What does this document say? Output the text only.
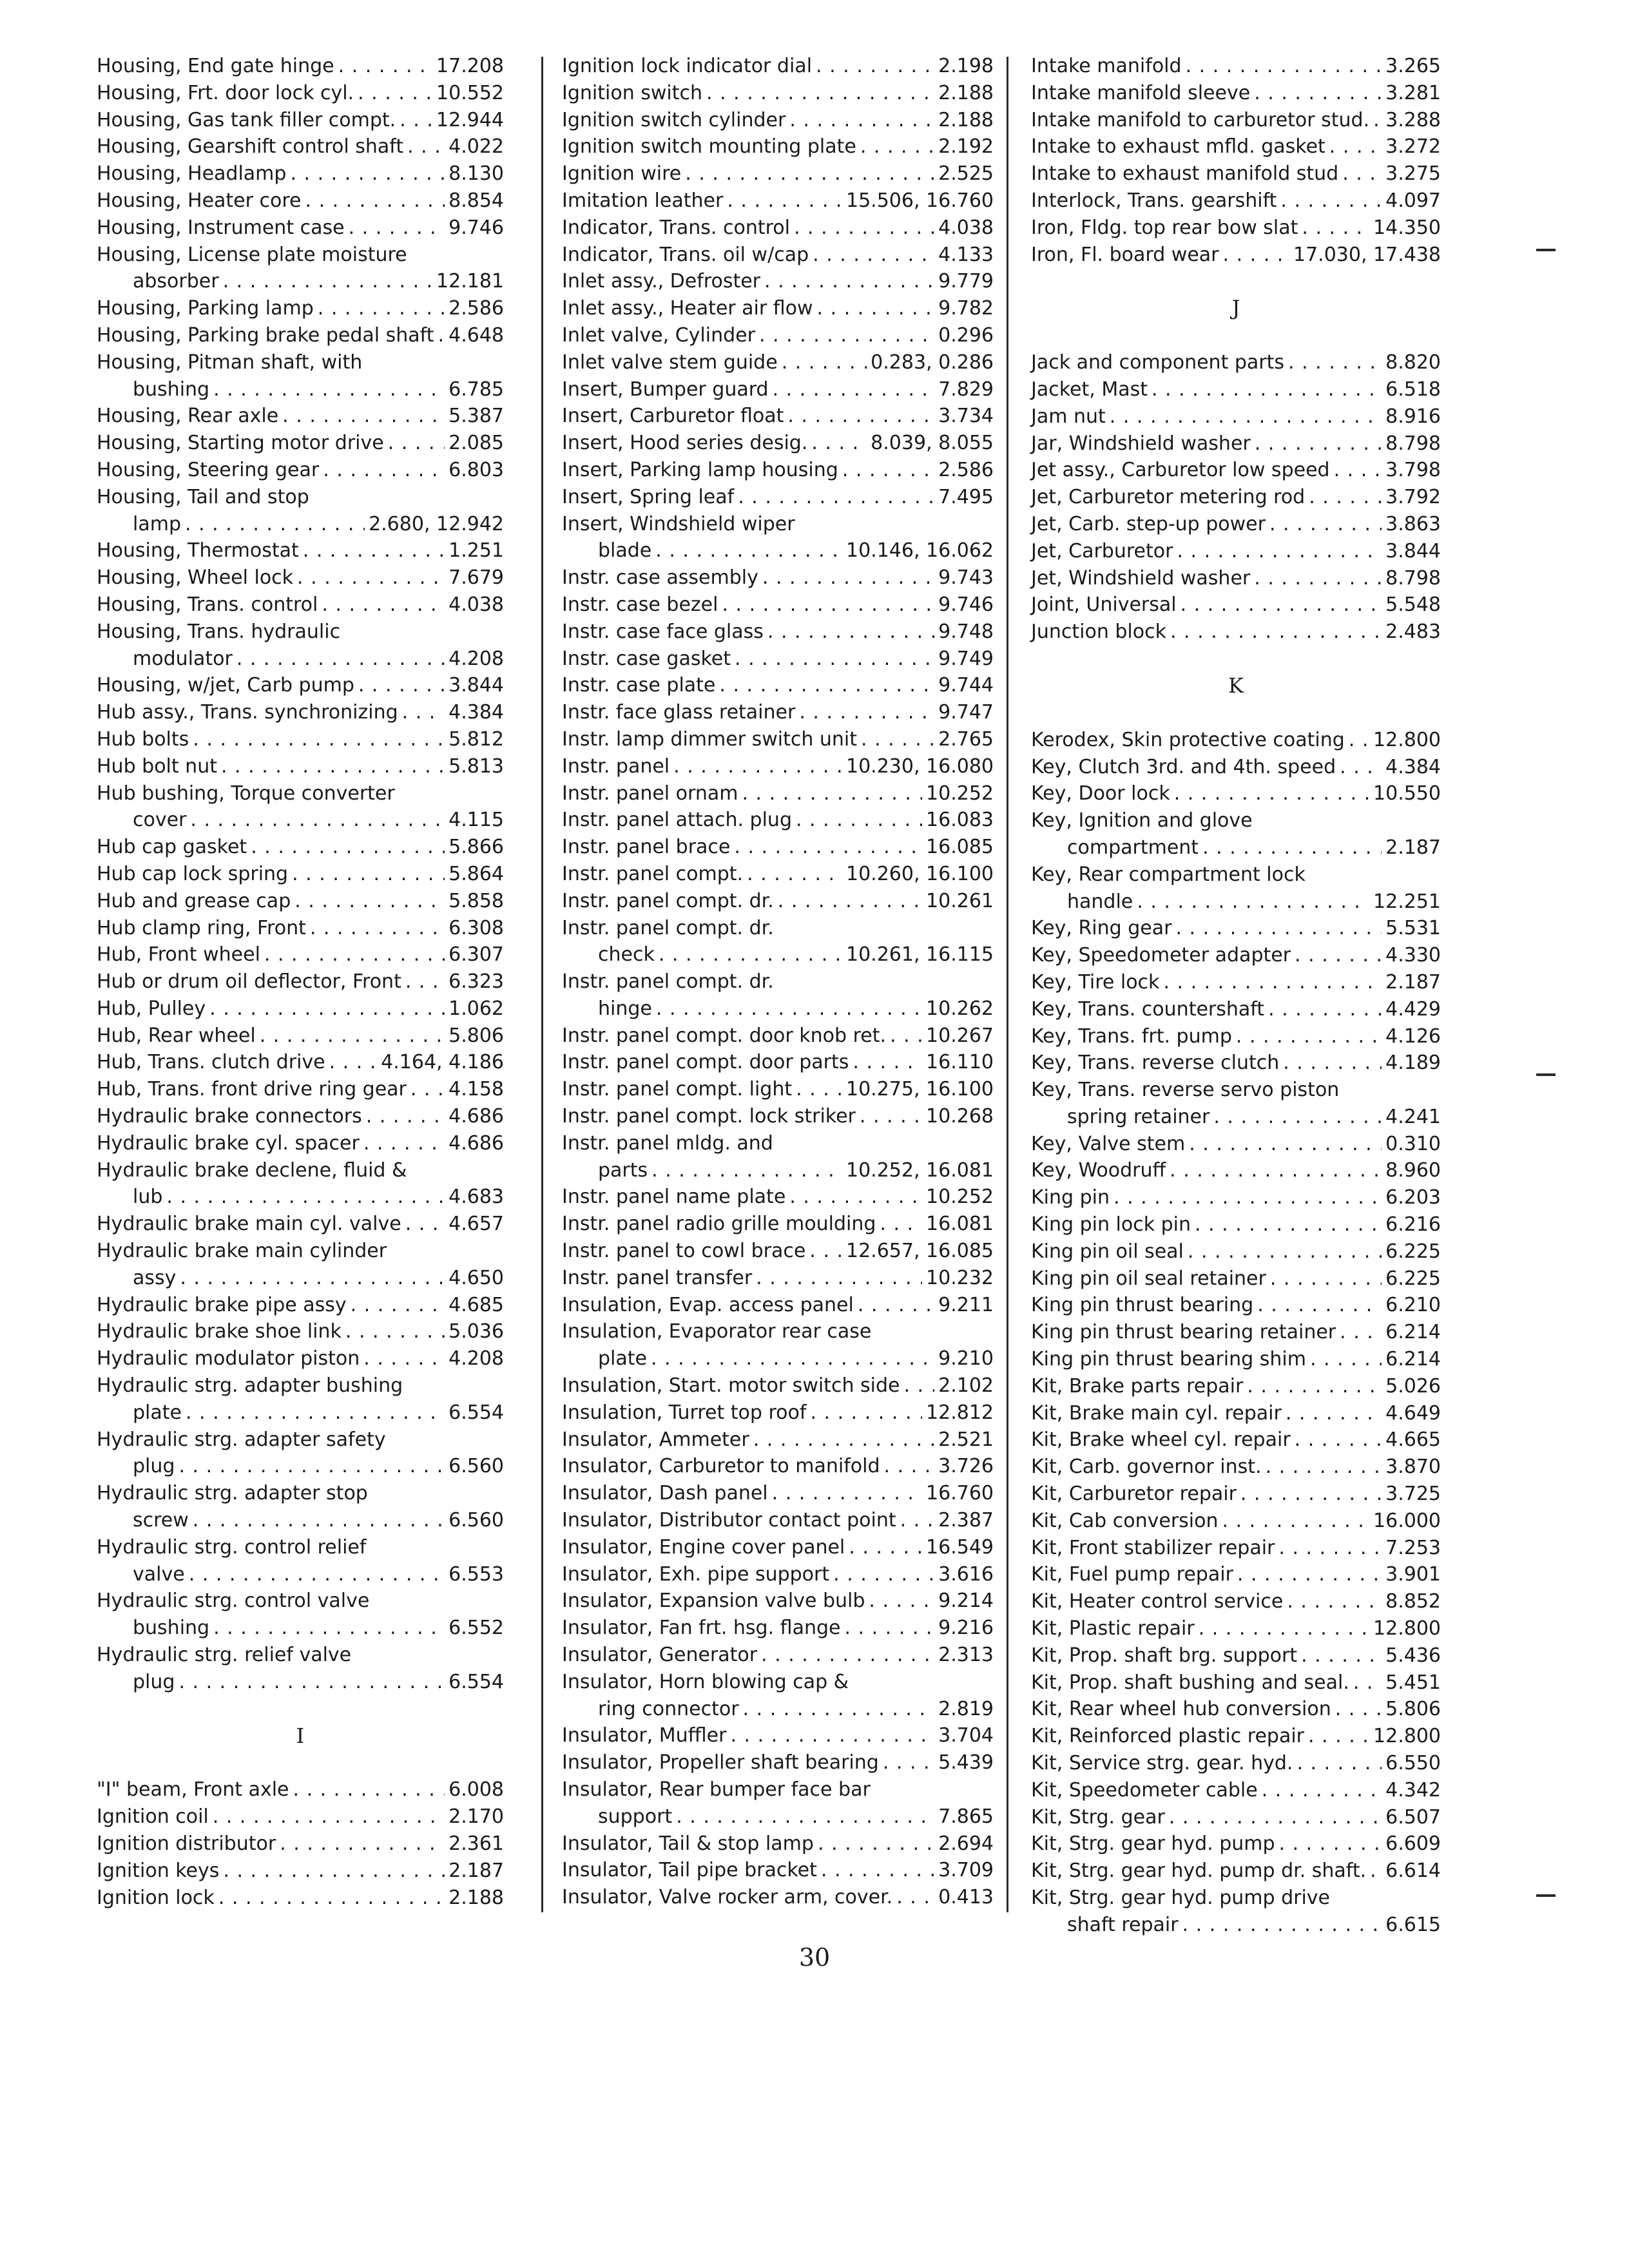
Housing, End gate hinge . . .	17.208
Housing, Frt. door lock cyl. . . .	10.552
Housing, Gas tank filler compt. . . . 12.944
Housing, Gearshift control shaft . . . 4.022
Housing, Headlamp . . .	8.130
Housing, Heater core . . .	8.854
Housing, Instrument case . . .	9.746
Housing, License plate moisture
absorber . . .	12.181
Housing, Parking lamp . . .	2.586
Housing, Parking brake pedal shaft . . . 4.648
Housing, Pitman shaft, with
bushing . . .	6.785
Housing, Rear axle . . .	5.387
Housing, Starting motor drive . . .	2.085
Housing, Steering gear . . .	6.803
Housing, Tail and stop
lamp . . .	2.680, 12.942
Housing, Thermostat . . .	1.251
Housing, Wheel lock . . .	7.679
Housing, Trans. control . . .	4.038
Housing, Trans. hydraulic
modulator . . .	4.208
Housing, w/jet, Carb pump . . .	3.844
Hub assy., Trans. synchronizing . . .	4.384
Hub bolts . . .	5.812
Hub bolt nut . . .	5.813
Hub bushing, Torque converter
cover . . .	4.115
Hub cap gasket . . .	5.866
Hub cap lock spring . . .	5.864
Hub and grease cap . . .	5.858
Hub clamp ring, Front . . .	6.308
Hub, Front wheel . . .	6.307
Hub or drum oil deflector, Front . . . 6.323
Hub, Pulley . . .	1.062
Hub, Rear wheel . . .	5.806
Hub, Trans. clutch drive . . .	4.164, 4.186
Hub, Trans. front drive ring gear . . . 4.158
Hydraulic brake connectors . . .	4.686
Hydraulic brake cyl. spacer . . .	4.686
Hydraulic brake declene, fluid &
lub . . .	4.683
Hydraulic brake main cyl. valve . . . 4.657
Hydraulic brake main cylinder
assy . . .	4.650
Hydraulic brake pipe assy . . .	4.685
Hydraulic brake shoe link . . .	5.036
Hydraulic modulator piston . . .	4.208
Hydraulic strg. adapter bushing
plate . . .	6.554
Hydraulic strg. adapter safety
plug . . .	6.560
Hydraulic strg. adapter stop
screw . . .	6.560
Hydraulic strg. control relief
valve . . .	6.553
Hydraulic strg. control valve
bushing . . .	6.552
Hydraulic strg. relief valve
plug . . .	6.554
I
"I" beam, Front axle . . .	6.008
Ignition coil . . .	2.170
Ignition distributor . . .	2.361
Ignition keys . . .	2.187
Ignition lock . . .	2.188
Ignition lock indicator dial . . .	2.198
Ignition switch . . .	2.188
Ignition switch cylinder . . .	2.188
Ignition switch mounting plate . . .	2.192
Ignition wire . . .	2.525
Imitation leather . . .	15.506, 16.760
Indicator, Trans. control . . .	4.038
Indicator, Trans. oil w/cap . . .	4.133
Inlet assy., Defroster . . .	9.779
Inlet assy., Heater air flow . . .	9.782
Inlet valve, Cylinder . . .	0.296
Inlet valve stem guide . . .	0.283, 0.286
Insert, Bumper guard . . .	7.829
Insert, Carburetor float . . .	3.734
Insert, Hood series desig. . . .	8.039, 8.055
Insert, Parking lamp housing . . .	2.586
Insert, Spring leaf . . .	7.495
Insert, Windshield wiper
blade . . .	10.146, 16.062
Instr. case assembly . . .	9.743
Instr. case bezel . . .	9.746
Instr. case face glass . . .	9.748
Instr. case gasket . . .	9.749
Instr. case plate . . .	9.744
Instr. face glass retainer . . .	9.747
Instr. lamp dimmer switch unit . . .	2.765
Instr. panel . . .	10.230, 16.080
Instr. panel ornam . . .	10.252
Instr. panel attach. plug . . .	16.083
Instr. panel brace . . .	16.085
Instr. panel compt. . . .	10.260, 16.100
Instr. panel compt. dr. . . .	10.261
Instr. panel compt. dr.
check . . .	10.261, 16.115
Instr. panel compt. dr.
hinge . . .	10.262
Instr. panel compt. door knob ret. . . . 10.267
Instr. panel compt. door parts . . .	16.110
Instr. panel compt. light . . .	10.275, 16.100
Instr. panel compt. lock striker . . .	10.268
Instr. panel mldg. and
parts . . .	10.252, 16.081
Instr. panel name plate . . .	10.252
Instr. panel radio grille moulding . . .	16.081
Instr. panel to cowl brace . . . 12.657, 16.085
Instr. panel transfer . . .	10.232
Insulation, Evap. access panel . . .	9.211
Insulation, Evaporator rear case
plate . . .	9.210
Insulation, Start. motor switch side . . . 2.102
Insulation, Turret top roof . . .	12.812
Insulator, Ammeter . . .	2.521
Insulator, Carburetor to manifold . . .	3.726
Insulator, Dash panel . . .	16.760
Insulator, Distributor contact point . . . 2.387
Insulator, Engine cover panel . . .	16.549
Insulator, Exh. pipe support . . .	3.616
Insulator, Expansion valve bulb . . .	9.214
Insulator, Fan frt. hsg. flange . . .	9.216
Insulator, Generator . . .	2.313
Insulator, Horn blowing cap &
ring connector . . .	2.819
Insulator, Muffler . . .	3.704
Insulator, Propeller shaft bearing . . .	5.439
Insulator, Rear bumper face bar
support . . .	7.865
Insulator, Tail & stop lamp . . .	2.694
Insulator, Tail pipe bracket . . .	3.709
Insulator, Valve rocker arm, cover. . . . 0.413
Intake manifold . . .	3.265
Intake manifold sleeve . . .	3.281
Intake manifold to carburetor stud. . . . 3.288
Intake to exhaust mfld. gasket . . .	3.272
Intake to exhaust manifold stud . . . 3.275
Interlock, Trans. gearshift . . .	4.097
Iron, Fldg. top rear bow slat . . .	14.350
Iron, Fl. board wear . . .	17.030, 17.438
J
Jack and component parts . . .	8.820
Jacket, Mast . . .	6.518
Jam nut . . .	8.916
Jar, Windshield washer . . .	8.798
Jet assy., Carburetor low speed . . .	3.798
Jet, Carburetor metering rod . . .	3.792
Jet, Carb. step-up power . . .	3.863
Jet, Carburetor . . .	3.844
Jet, Windshield washer . . .	8.798
Joint, Universal . . .	5.548
Junction block . . .	2.483
K
Kerodex, Skin protective coating . . . 12.800
Key, Clutch 3rd. and 4th. speed . . .	4.384
Key, Door lock . . .	10.550
Key, Ignition and glove
compartment . . .	2.187
Key, Rear compartment lock
handle . . .	12.251
Key, Ring gear . . .	5.531
Key, Speedometer adapter . . .	4.330
Key, Tire lock . . .	2.187
Key, Trans. countershaft . . .	4.429
Key, Trans. frt. pump . . .	4.126
Key, Trans. reverse clutch . . .	4.189
Key, Trans. reverse servo piston
spring retainer . . .	4.241
Key, Valve stem . . .	0.310
Key, Woodruff . . .	8.960
King pin . . .	6.203
King pin lock pin . . .	6.216
King pin oil seal . . .	6.225
King pin oil seal retainer . . .	6.225
King pin thrust bearing . . .	6.210
King pin thrust bearing retainer . . .	6.214
King pin thrust bearing shim . . .	6.214
Kit, Brake parts repair . . .	5.026
Kit, Brake main cyl. repair . . .	4.649
Kit, Brake wheel cyl. repair . . .	4.665
Kit, Carb. governor inst. . . .	3.870
Kit, Carburetor repair . . .	3.725
Kit, Cab conversion . . .	16.000
Kit, Front stabilizer repair . . .	7.253
Kit, Fuel pump repair . . .	3.901
Kit, Heater control service . . .	8.852
Kit, Plastic repair . . .	12.800
Kit, Prop. shaft brg. support . . .	5.436
Kit, Prop. shaft bushing and seal. . . . 5.451
Kit, Rear wheel hub conversion . . .	5.806
Kit, Reinforced plastic repair . . .	12.800
Kit, Service strg. gear. hyd. . . .	6.550
Kit, Speedometer cable . . .	4.342
Kit, Strg. gear . . .	6.507
Kit, Strg. gear hyd. pump . . .	6.609
Kit, Strg. gear hyd. pump dr. shaft. . . . 6.614
Kit, Strg. gear hyd. pump drive
shaft repair . . .	6.615
30
